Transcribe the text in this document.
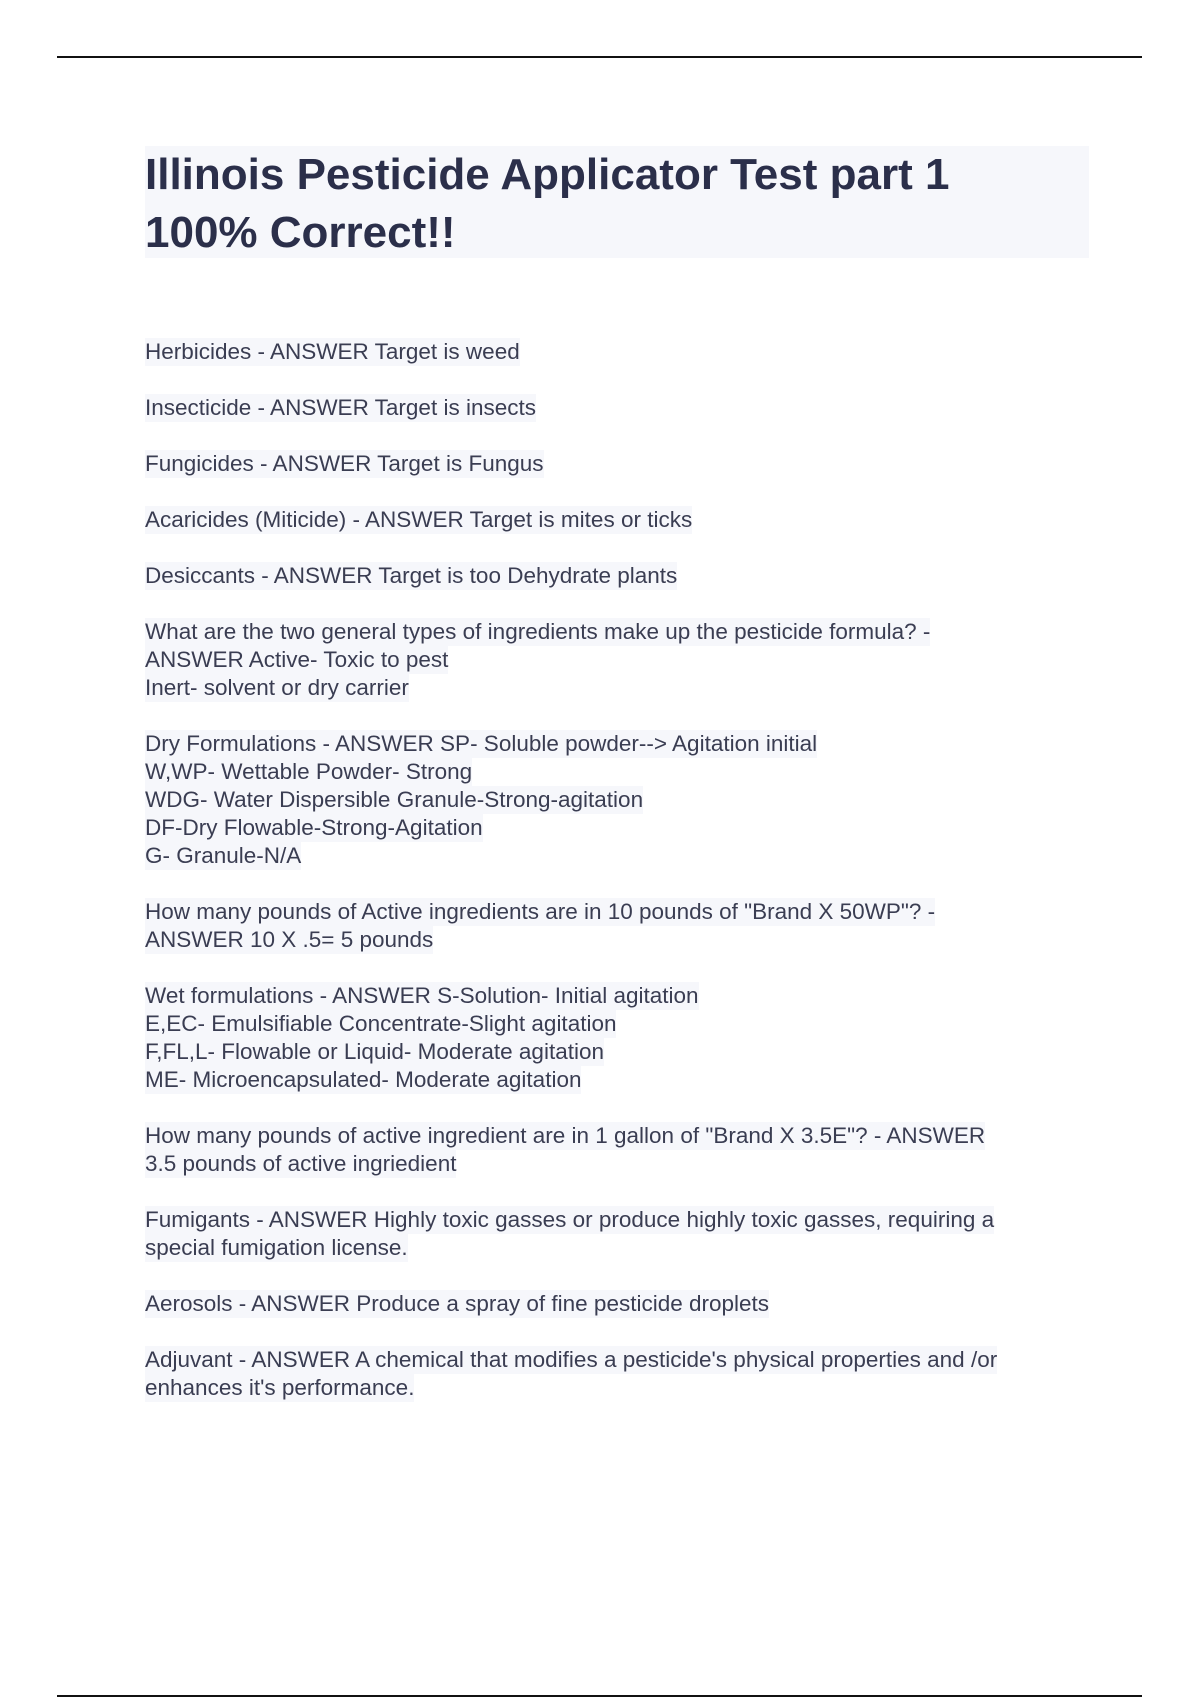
Illinois Pesticide Applicator Test part 1
100% Correct!!
Herbicides - ANSWER Target is weed
Insecticide - ANSWER Target is insects
Fungicides - ANSWER Target is Fungus
Acaricides (Miticide) - ANSWER Target is mites or ticks
Desiccants - ANSWER Target is too Dehydrate plants
What are the two general types of ingredients make up the pesticide formula? -
ANSWER Active- Toxic to pest
Inert- solvent or dry carrier
Dry Formulations - ANSWER SP- Soluble powder--> Agitation initial
W,WP- Wettable Powder- Strong
WDG- Water Dispersible Granule-Strong-agitation
DF-Dry Flowable-Strong-Agitation
G- Granule-N/A
How many pounds of Active ingredients are in 10 pounds of "Brand X 50WP"? -
ANSWER 10 X .5= 5 pounds
Wet formulations - ANSWER S-Solution- Initial agitation
E,EC- Emulsifiable Concentrate-Slight agitation
F,FL,L- Flowable or Liquid- Moderate agitation
ME- Microencapsulated- Moderate agitation
How many pounds of active ingredient are in 1 gallon of "Brand X 3.5E"? - ANSWER
3.5 pounds of active ingriedient
Fumigants - ANSWER Highly toxic gasses or produce highly toxic gasses, requiring a
special fumigation license.
Aerosols - ANSWER Produce a spray of fine pesticide droplets
Adjuvant - ANSWER A chemical that modifies a pesticide's physical properties and /or
enhances it's performance.
